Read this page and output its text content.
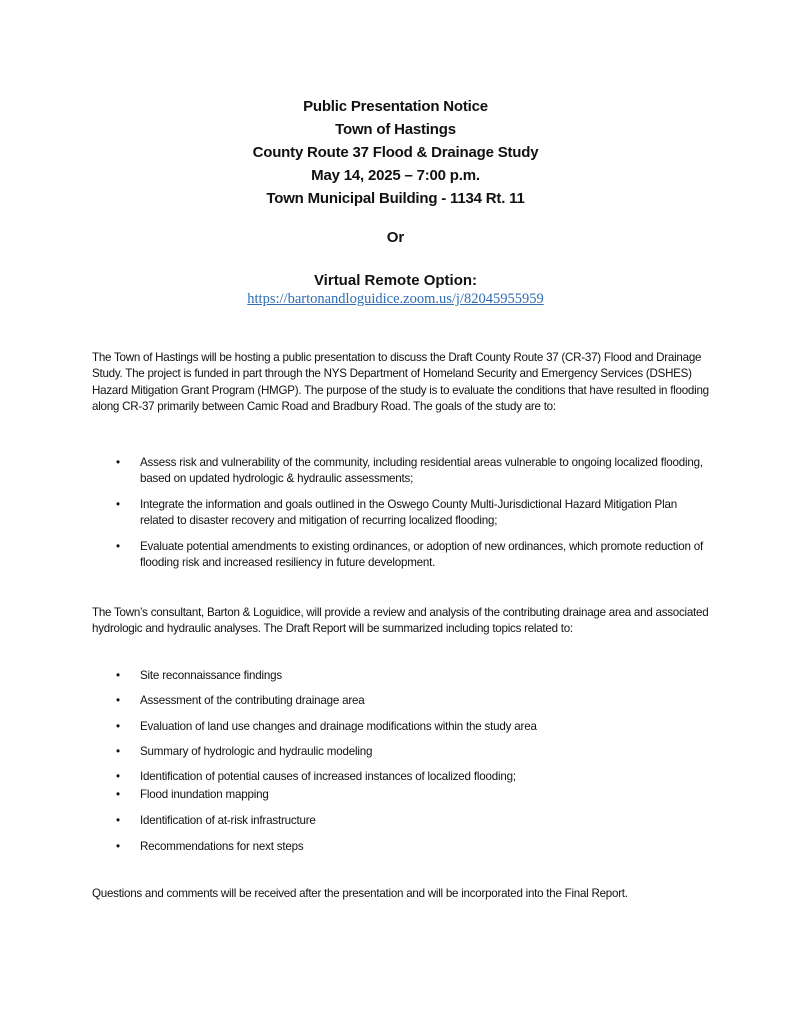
Public Presentation Notice
Town of Hastings
County Route 37 Flood & Drainage Study
May 14, 2025 – 7:00 p.m.
Town Municipal Building - 1134 Rt. 11
Or
Virtual Remote Option:
https://bartonandloguidice.zoom.us/j/82045955959
The Town of Hastings will be hosting a public presentation to discuss the Draft County Route 37 (CR-37) Flood and Drainage Study. The project is funded in part through the NYS Department of Homeland Security and Emergency Services (DSHES) Hazard Mitigation Grant Program (HMGP). The purpose of the study is to evaluate the conditions that have resulted in flooding along CR-37 primarily between Camic Road and Bradbury Road. The goals of the study are to:
• Assess risk and vulnerability of the community, including residential areas vulnerable to ongoing localized flooding, based on updated hydrologic & hydraulic assessments;
• Integrate the information and goals outlined in the Oswego County Multi-Jurisdictional Hazard Mitigation Plan related to disaster recovery and mitigation of recurring localized flooding;
• Evaluate potential amendments to existing ordinances, or adoption of new ordinances, which promote reduction of flooding risk and increased resiliency in future development.
The Town’s consultant, Barton & Loguidice, will provide a review and analysis of the contributing drainage area and associated hydrologic and hydraulic analyses. The Draft Report will be summarized including topics related to:
• Site reconnaissance findings
• Assessment of the contributing drainage area
• Evaluation of land use changes and drainage modifications within the study area
• Summary of hydrologic and hydraulic modeling
• Identification of potential causes of increased instances of localized flooding;
• Flood inundation mapping
• Identification of at-risk infrastructure
• Recommendations for next steps
Questions and comments will be received after the presentation and will be incorporated into the Final Report.
